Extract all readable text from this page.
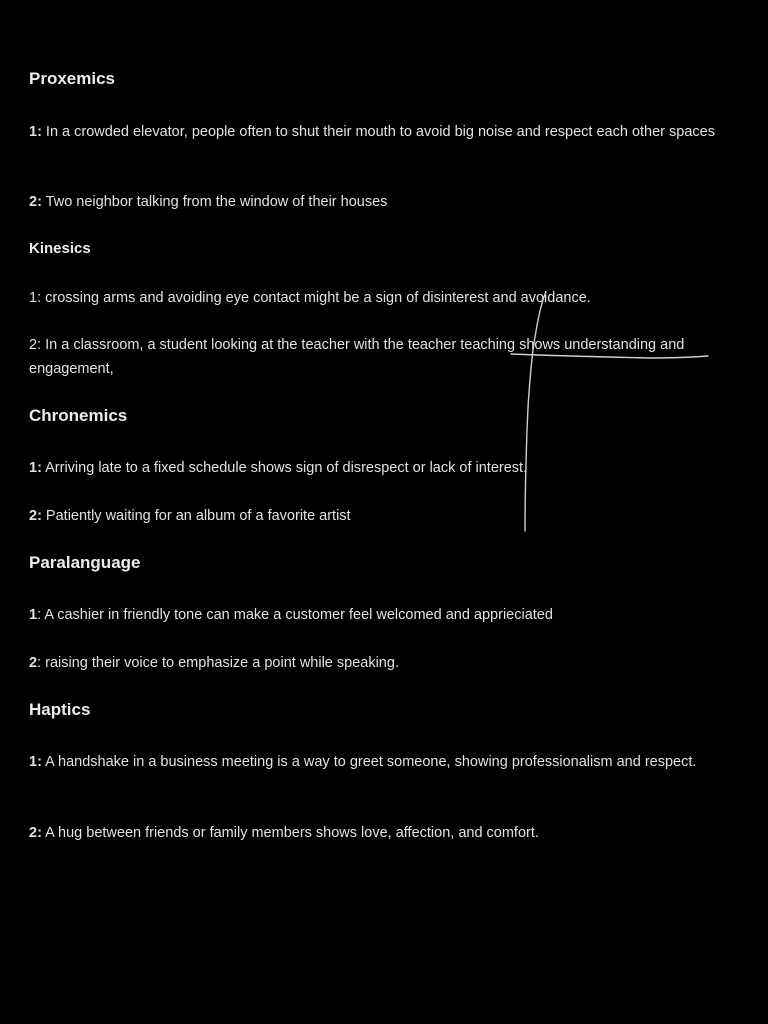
Proxemics
1: In a crowded elevator, people often to shut their mouth to avoid big noise and respect each other spaces
2: Two neighbor talking from the window of their houses
Kinesics
1: crossing arms and avoiding eye contact might be a sign of disinterest and avoidance.
2: In a classroom, a student looking at the teacher with the teacher teaching shows understanding and engagement,
Chronemics
1: Arriving late to a fixed schedule shows sign of disrespect or lack of interest.
2: Patiently waiting for an album of a favorite artist
Paralanguage
1: A cashier in friendly tone can make a customer feel welcomed and apprieciated
2: raising their voice to emphasize a point while speaking.
Haptics
1: A handshake in a business meeting is a way to greet someone, showing professionalism and respect.
2: A hug between friends or family members shows love, affection, and comfort.
